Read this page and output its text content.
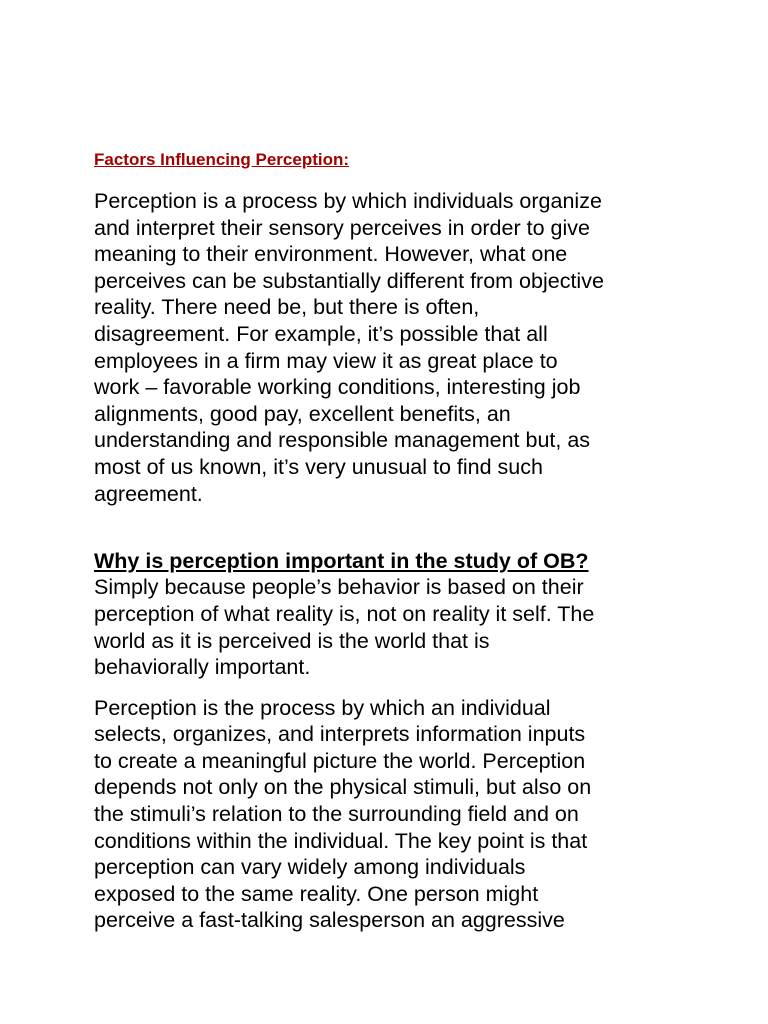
Factors Influencing Perception:

Perception is a process by which individuals organize
and interpret their sensory perceives in order to give
meaning to their environment. However, what one
perceives can be substantially different from objective
reality. There need be, but there is often,
disagreement. For example, it’s possible that all
employees in a firm may view it as great place to
work – favorable working conditions, interesting job
alignments, good pay, excellent benefits, an
understanding and responsible management but, as
most of us known, it’s very unusual to find such
agreement.

Why is perception important in the study of OB?
Simply because people’s behavior is based on their
perception of what reality is, not on reality it self. The
world as it is perceived is the world that is
behaviorally important.

Perception is the process by which an individual
selects, organizes, and interprets information inputs
to create a meaningful picture the world. Perception
depends not only on the physical stimuli, but also on
the stimuli’s relation to the surrounding field and on
conditions within the individual. The key point is that
perception can vary widely among individuals
exposed to the same reality. One person might
perceive a fast-talking salesperson an aggressive
